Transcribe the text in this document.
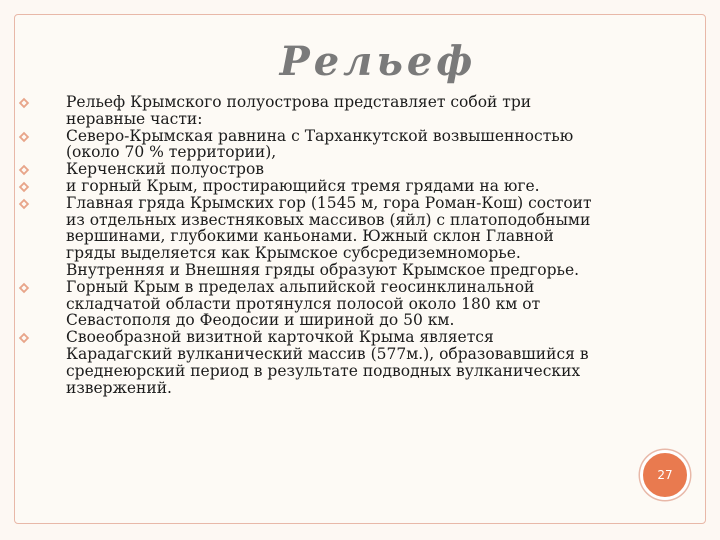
Рельеф
Рельеф Крымского полуострова представляет собой три
неравные части:
Северо-Крымская равнина с Тарханкутской возвышенностью
(около 70 % территории),
Керченский полуостров
и горный Крым, простирающийся тремя грядами на юге.
Главная гряда Крымских гор (1545 м, гора Роман-Кош) состоит
из отдельных известняковых массивов (яйл) с платоподобными
вершинами, глубокими каньонами. Южный склон Главной
гряды выделяется как Крымское субсредиземноморье.
Внутренняя и Внешняя гряды образуют Крымское предгорье.
Горный Крым в пределах альпийской геосинклинальной
складчатой области протянулся полосой около 180 км от
Севастополя до Феодосии и шириной до 50 км.
Своеобразной визитной карточкой Крыма является
Карадагский вулканический массив (577м.), образовавшийся в
среднеюрский период в результате подводных вулканических
извержений.
27
